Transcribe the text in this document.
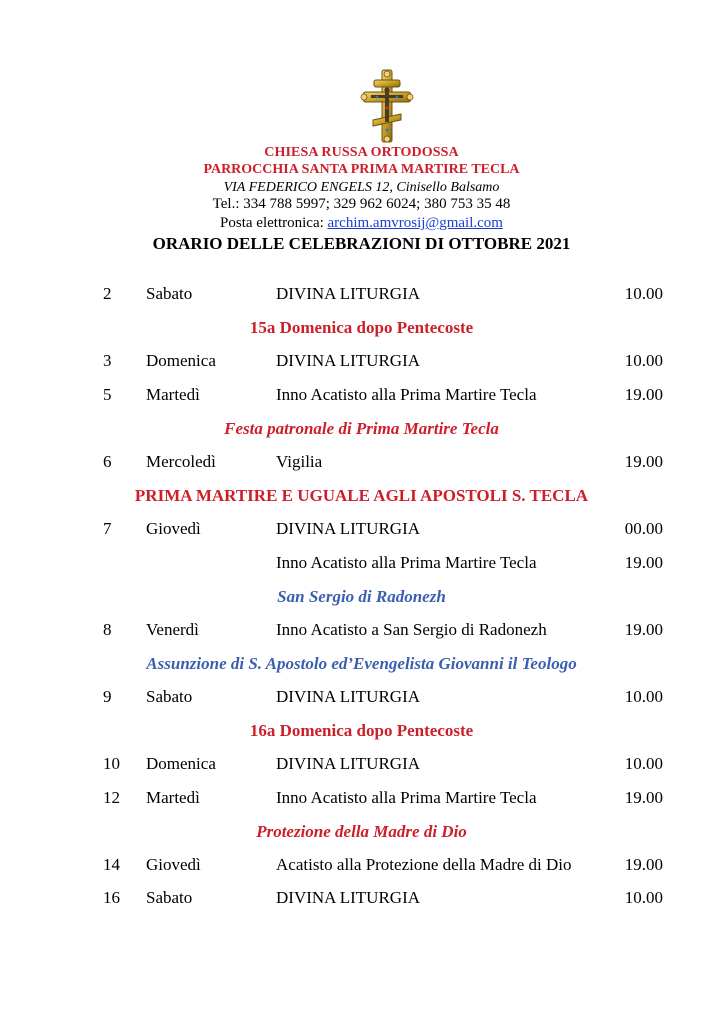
CHIESA RUSSA ORTODOSSA
PARROCCHIA SANTA PRIMA MARTIRE TECLA
VIA FEDERICO ENGELS 12, Cinisello Balsamo
Tel.: 334 788 5997; 329 962 6024; 380 753 35 48
Posta elettronica: archim.amvrosij@gmail.com
ORARIO DELLE CELEBRAZIONI DI OTTOBRE 2021
2 Sabato	DIVINA LITURGIA	10.00
15a Domenica dopo Pentecoste
3 Domenica	DIVINA LITURGIA	10.00
5 Martedì	Inno Acatisto alla Prima Martire Tecla	19.00
Festa patronale di Prima Martire Tecla
6 Mercoledì	Vigilia	19.00
PRIMA MARTIRE E UGUALE AGLI APOSTOLI S. TECLA
7 Giovedì	DIVINA LITURGIA	00.00
Inno Acatisto alla Prima Martire Tecla	19.00
San Sergio di Radonezh
8 Venerdì	Inno Acatisto a San Sergio di Radonezh	19.00
Assunzione di S. Apostolo ed’Evengelista Giovanni il Teologo
9 Sabato	DIVINA LITURGIA	10.00
16a Domenica dopo Pentecoste
10 Domenica	DIVINA LITURGIA	10.00
12 Martedì	Inno Acatisto alla Prima Martire Tecla	19.00
Protezione della Madre di Dio
14 Giovedì	Acatisto alla Protezione della Madre di Dio	19.00
16 Sabato	DIVINA LITURGIA	10.00
